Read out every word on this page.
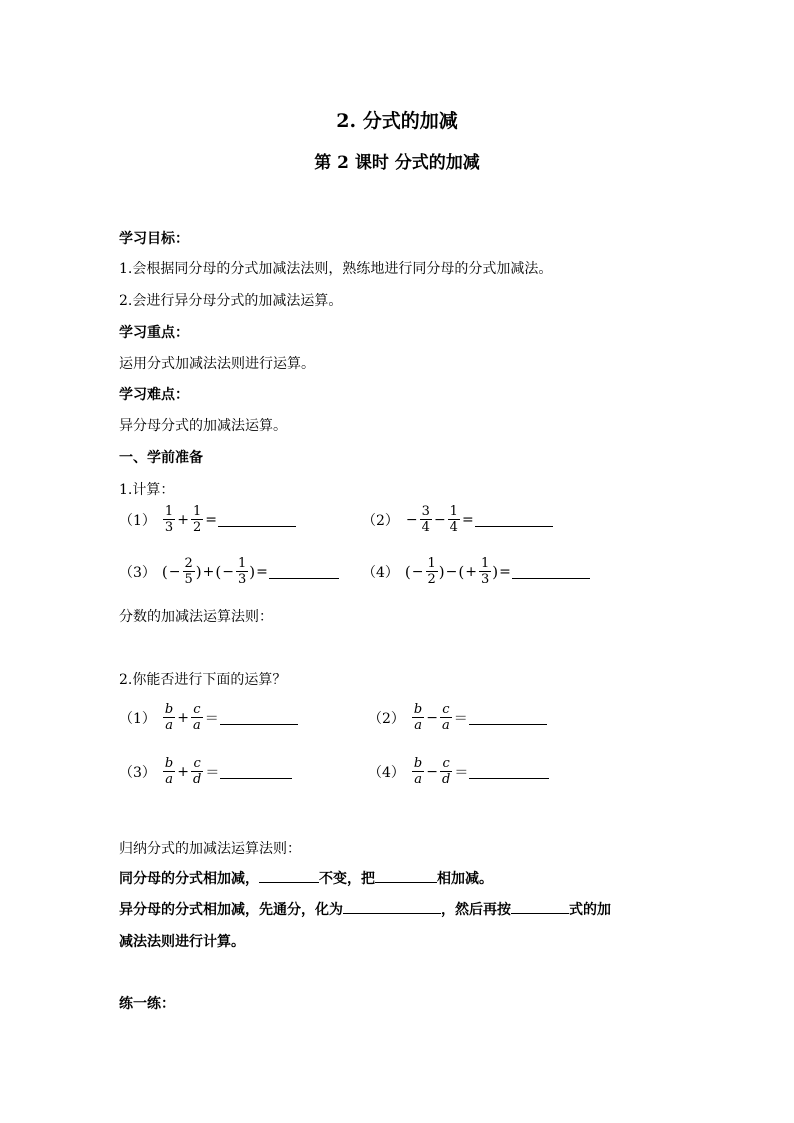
2. 分式的加减
第 2 课时 分式的加减
学习目标：
1.会根据同分母的分式加减法法则，熟练地进行同分母的分式加减法。
2.会进行异分母分式的加减法运算。
学习重点：
运用分式加减法法则进行运算。
学习难点：
异分母分式的加减法运算。
一、学前准备
1.计算：
$(1) \frac{1}{3} + \frac{1}{2}$ =	$(2) - \frac{3}{4} - \frac{1}{4}$ =
（3） ( − $\frac{2}{5}$ ) + ( − $\frac{1}{3}$ ) =	（4） ( − $\frac{1}{2}$ ) − ( + $\frac{1}{3}$ ) =
分数的加减法运算法则：
2.你能否进行下面的运算？
$(1) \frac{b}{a} + \frac{c}{a}$ ＝	$(2) \frac{b}{a} - \frac{c}{a}$ ＝
$(3) \frac{b}{a} + \frac{c}{d}$ ＝	$(4) \frac{b}{a} - \frac{c}{d}$ ＝
归纳分式的加减法运算法则：
同分母的分式相加减，	不变，把	相加减。
异分母的分式相加减，先通分，化为	，然后再按	式的加
减法法则进行计算。
练一练：
